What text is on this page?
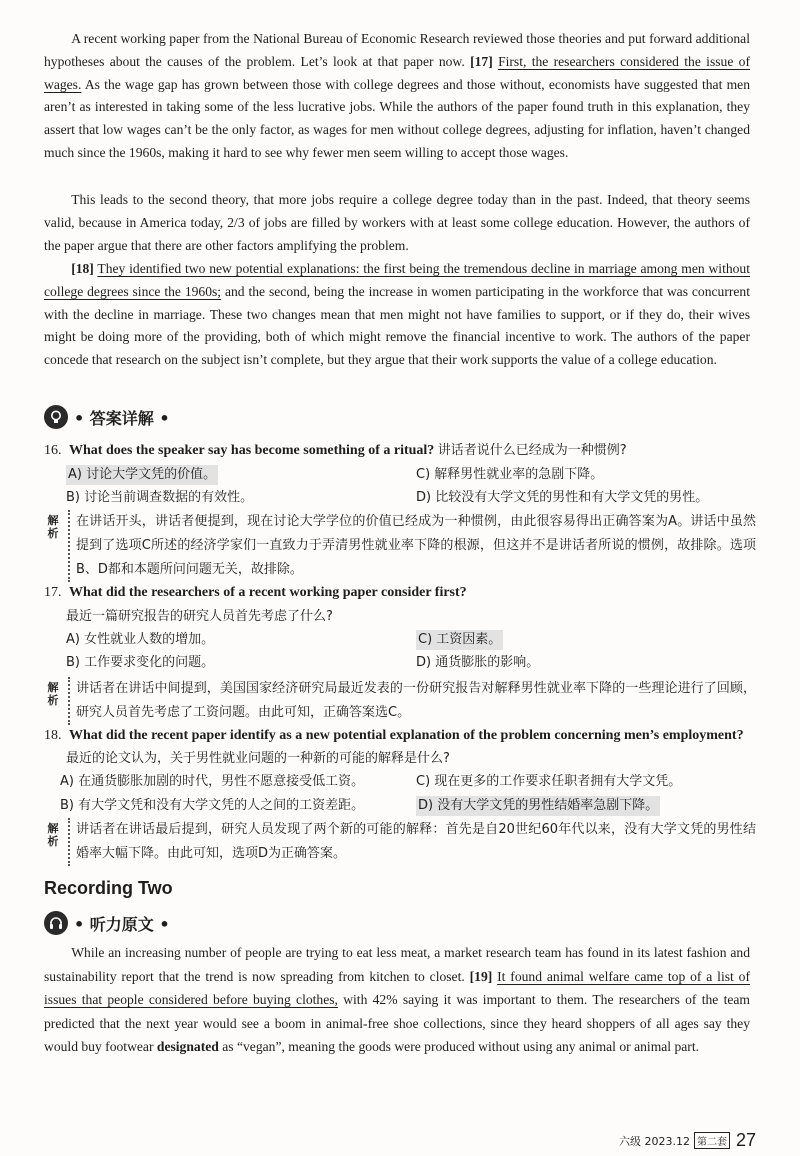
A recent working paper from the National Bureau of Economic Research reviewed those theories and put forward additional hypotheses about the causes of the problem. Let’s look at that paper now. [17] First, the researchers considered the issue of wages. As the wage gap has grown between those with college degrees and those without, economists have suggested that men aren’t as interested in taking some of the less lucrative jobs. While the authors of the paper found truth in this explanation, they assert that low wages can’t be the only factor, as wages for men without college degrees, adjusting for inflation, haven’t changed much since the 1960s, making it hard to see why fewer men seem willing to accept those wages.
This leads to the second theory, that more jobs require a college degree today than in the past. Indeed, that theory seems valid, because in America today, 2/3 of jobs are filled by workers with at least some college education. However, the authors of the paper argue that there are other factors amplifying the problem.
[18] They identified two new potential explanations: the first being the tremendous decline in marriage among men without college degrees since the 1960s; and the second, being the increase in women participating in the workforce that was concurrent with the decline in marriage. These two changes mean that men might not have families to support, or if they do, their wives might be doing more of the providing, both of which might remove the financial incentive to work. The authors of the paper concede that research on the subject isn’t complete, but they argue that their work supports the value of a college education.
• 答案详解 •
16. What does the speaker say has become something of a ritual? 讲话者说什么已经成为一种惯例?
A) 讨论大学文凭的价值。	C) 解释男性就业率的急剧下降。
B) 讨论当前调查数据的有效性。	D) 比较没有大学文凭的男性和有大学文凭的男性。
解析
在讲话开头，讲话者便提到，现在讨论大学学位的价值已经成为一种惯例，由此很容易得出正确答案为A。讲话中虽然提到了选项C所述的经济学家们一直致力于弄清男性就业率下降的根源，但这并不是讲话者所说的惯例，故排除。选项B、D都和本题所问问题无关，故排除。
17. What did the researchers of a recent working paper consider first?
最近一篇研究报告的研究人员首先考虑了什么?
A) 女性就业人数的增加。	C) 工资因素。
B) 工作要求变化的问题。	D) 通货膨胀的影响。
解析
讲话者在讲话中间提到，美国国家经济研究局最近发表的一份研究报告对解释男性就业率下降的一些理论进行了回顾，研究人员首先考虑了工资问题。由此可知，正确答案选C。
18. What did the recent paper identify as a new potential explanation of the problem concerning men’s employment?
最近的论文认为，关于男性就业问题的一种新的可能的解释是什么?
A) 在通货膨胀加剧的时代，男性不愿意接受低工资。	C) 现在更多的工作要求任职者拥有大学文凭。
B) 有大学文凭和没有大学文凭的人之间的工资差距。	D) 没有大学文凭的男性结婚率急剧下降。
解析
讲话者在讲话最后提到，研究人员发现了两个新的可能的解释：首先是自20世纪60年代以来，没有大学文凭的男性结婚率大幅下降。由此可知，选项D为正确答案。
Recording Two
• 听力原文 •
While an increasing number of people are trying to eat less meat, a market research team has found in its latest fashion and sustainability report that the trend is now spreading from kitchen to closet. [19] It found animal welfare came top of a list of issues that people considered before buying clothes, with 42% saying it was important to them. The researchers of the team predicted that the next year would see a boom in animal-free shoe collections, since they heard shoppers of all ages say they would buy footwear designated as “vegan”, meaning the goods were produced without using any animal or animal part.
六级 2023.12 第二套 27
